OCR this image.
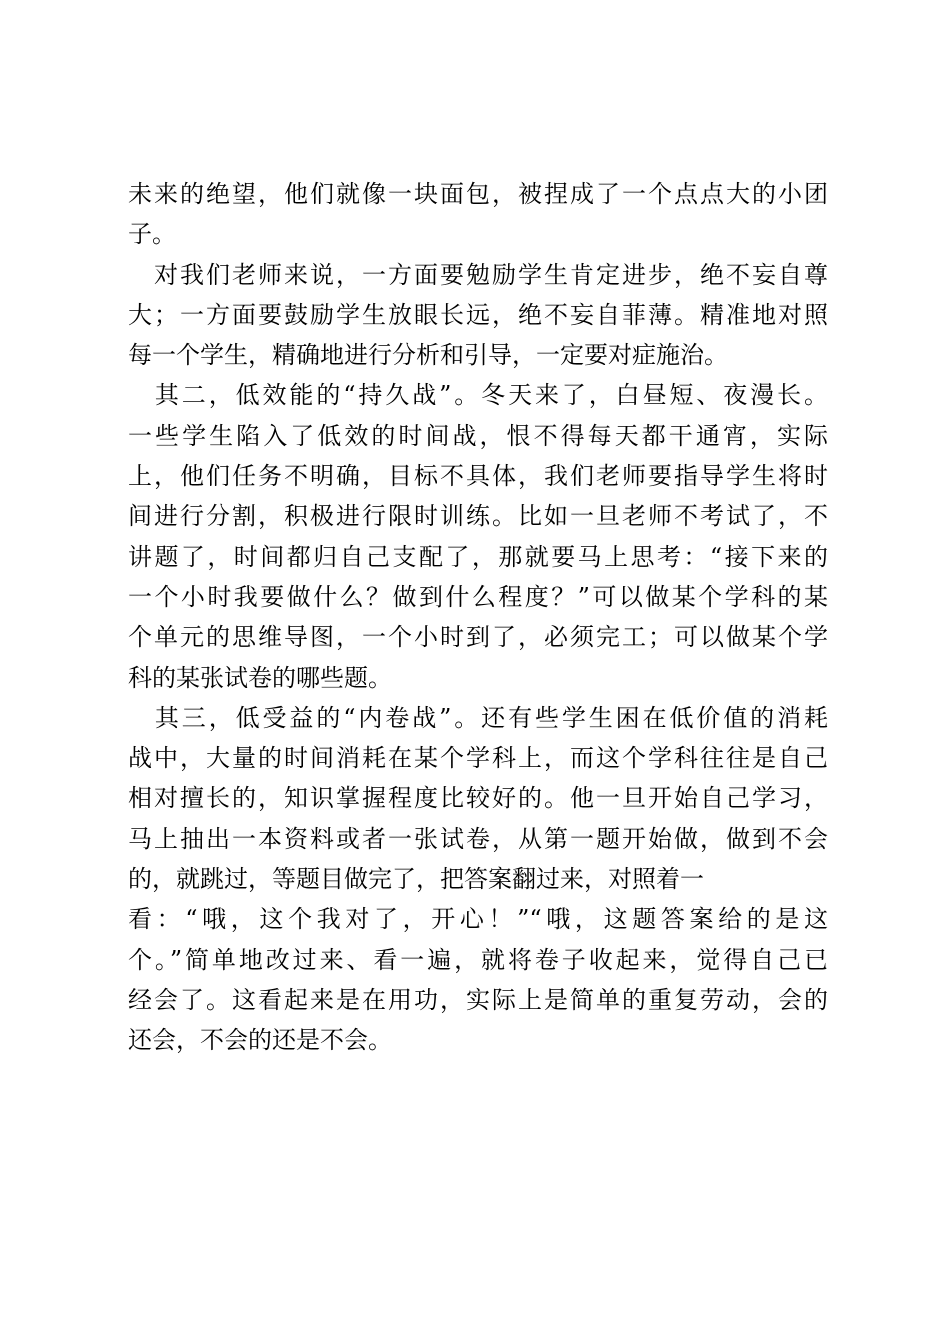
未来的绝望，他们就像一块面包，被捏成了一个点点大的小团
子。
　对我们老师来说，一方面要勉励学生肯定进步，绝不妄自尊
大；一方面要鼓励学生放眼长远，绝不妄自菲薄。精准地对照
每一个学生，精确地进行分析和引导，一定要对症施治。
　其二，低效能的“持久战”。冬天来了，白昼短、夜漫长。
一些学生陷入了低效的时间战，恨不得每天都干通宵，实际
上，他们任务不明确，目标不具体，我们老师要指导学生将时
间进行分割，积极进行限时训练。比如一旦老师不考试了，不
讲题了，时间都归自己支配了，那就要马上思考：“接下来的
一个小时我要做什么？做到什么程度？”可以做某个学科的某
个单元的思维导图，一个小时到了，必须完工；可以做某个学
科的某张试卷的哪些题。
　其三，低受益的“内卷战”。还有些学生困在低价值的消耗
战中，大量的时间消耗在某个学科上，而这个学科往往是自己
相对擅长的，知识掌握程度比较好的。他一旦开始自己学习，
马上抽出一本资料或者一张试卷，从第一题开始做，做到不会
的，就跳过，等题目做完了，把答案翻过来，对照着一
看：“哦，这个我对了，开心！”“哦，这题答案给的是这
个。”简单地改过来、看一遍，就将卷子收起来，觉得自己已
经会了。这看起来是在用功，实际上是简单的重复劳动，会的
还会，不会的还是不会。
